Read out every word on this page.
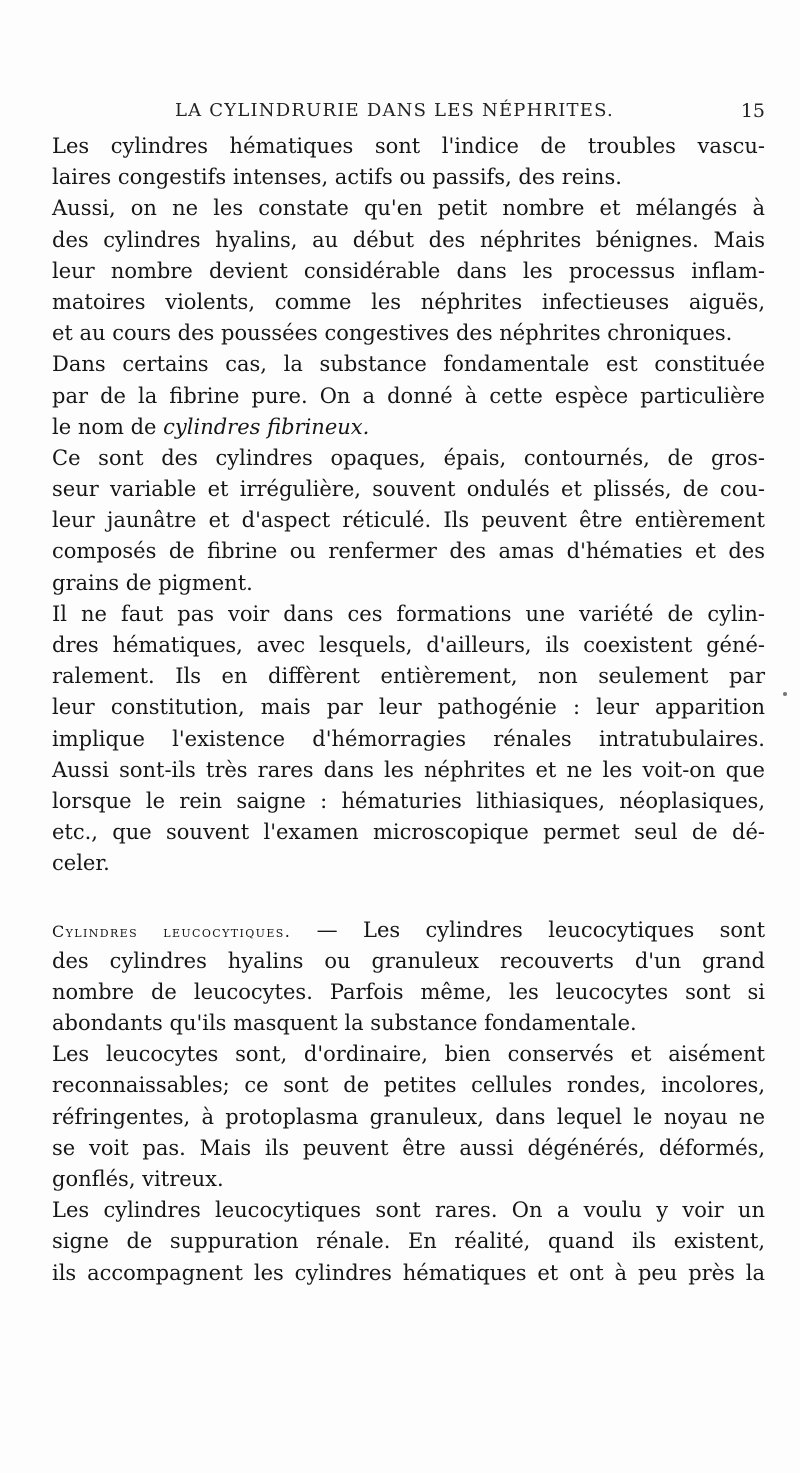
LA CYLINDRURIE DANS LES NÉPHRITES.	15
Les cylindres hématiques sont l'indice de troubles vascu-
laires congestifs intenses, actifs ou passifs, des reins.
Aussi, on ne les constate qu'en petit nombre et mélangés à
des cylindres hyalins, au début des néphrites bénignes. Mais
leur nombre devient considérable dans les processus inflam-
matoires violents, comme les néphrites infectieuses aiguës,
et au cours des poussées congestives des néphrites chroniques.
Dans certains cas, la substance fondamentale est constituée
par de la fibrine pure. On a donné à cette espèce particulière
le nom de cylindres fibrineux.
Ce sont des cylindres opaques, épais, contournés, de gros-
seur variable et irrégulière, souvent ondulés et plissés, de cou-
leur jaunâtre et d'aspect réticulé. Ils peuvent être entièrement
composés de fibrine ou renfermer des amas d'hématies et des
grains de pigment.
Il ne faut pas voir dans ces formations une variété de cylin-
dres hématiques, avec lesquels, d'ailleurs, ils coexistent géné-
ralement. Ils en diffèrent entièrement, non seulement par
leur constitution, mais par leur pathogénie : leur apparition
implique l'existence d'hémorragies rénales intratubulaires.
Aussi sont-ils très rares dans les néphrites et ne les voit-on que
lorsque le rein saigne : hématuries lithiasiques, néoplasiques,
etc., que souvent l'examen microscopique permet seul de dé-
celer.
Cylindres leucocytiques. — Les cylindres leucocytiques sont
des cylindres hyalins ou granuleux recouverts d'un grand
nombre de leucocytes. Parfois même, les leucocytes sont si
abondants qu'ils masquent la substance fondamentale.
Les leucocytes sont, d'ordinaire, bien conservés et aisément
reconnaissables; ce sont de petites cellules rondes, incolores,
réfringentes, à protoplasma granuleux, dans lequel le noyau ne
se voit pas. Mais ils peuvent être aussi dégénérés, déformés,
gonflés, vitreux.
Les cylindres leucocytiques sont rares. On a voulu y voir un
signe de suppuration rénale. En réalité, quand ils existent,
ils accompagnent les cylindres hématiques et ont à peu près la
